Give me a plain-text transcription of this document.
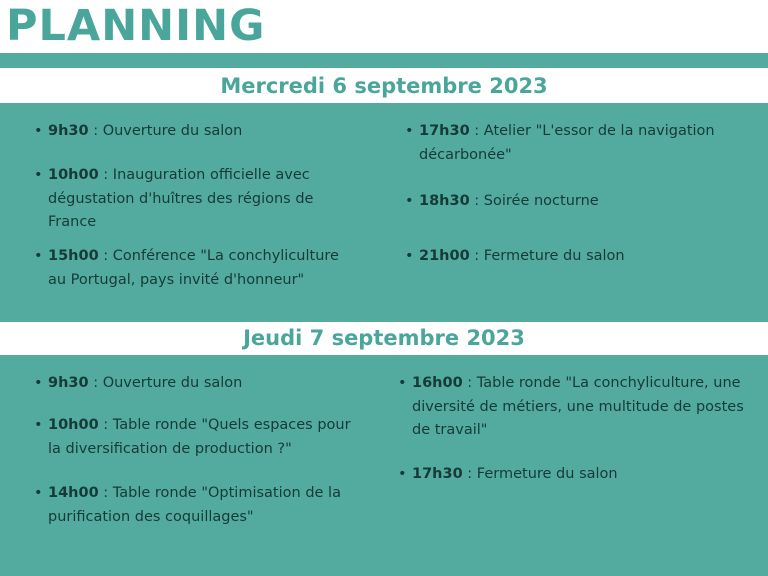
PLANNING
Mercredi 6 septembre 2023
• 9h30 : Ouverture du salon
• 10h00 : Inauguration officielle avec dégustation d'huîtres des régions de France
• 15h00 : Conférence "La conchyliculture au Portugal, pays invité d'honneur"
• 17h30 : Atelier "L'essor de la navigation décarbonée"
• 18h30 : Soirée nocturne
• 21h00 : Fermeture du salon
Jeudi 7 septembre 2023
• 9h30 : Ouverture du salon
• 10h00 : Table ronde "Quels espaces pour la diversification de production ?"
• 14h00 : Table ronde "Optimisation de la purification des coquillages"
• 16h00 : Table ronde "La conchyliculture, une diversité de métiers, une multitude de postes de travail"
• 17h30 : Fermeture du salon
